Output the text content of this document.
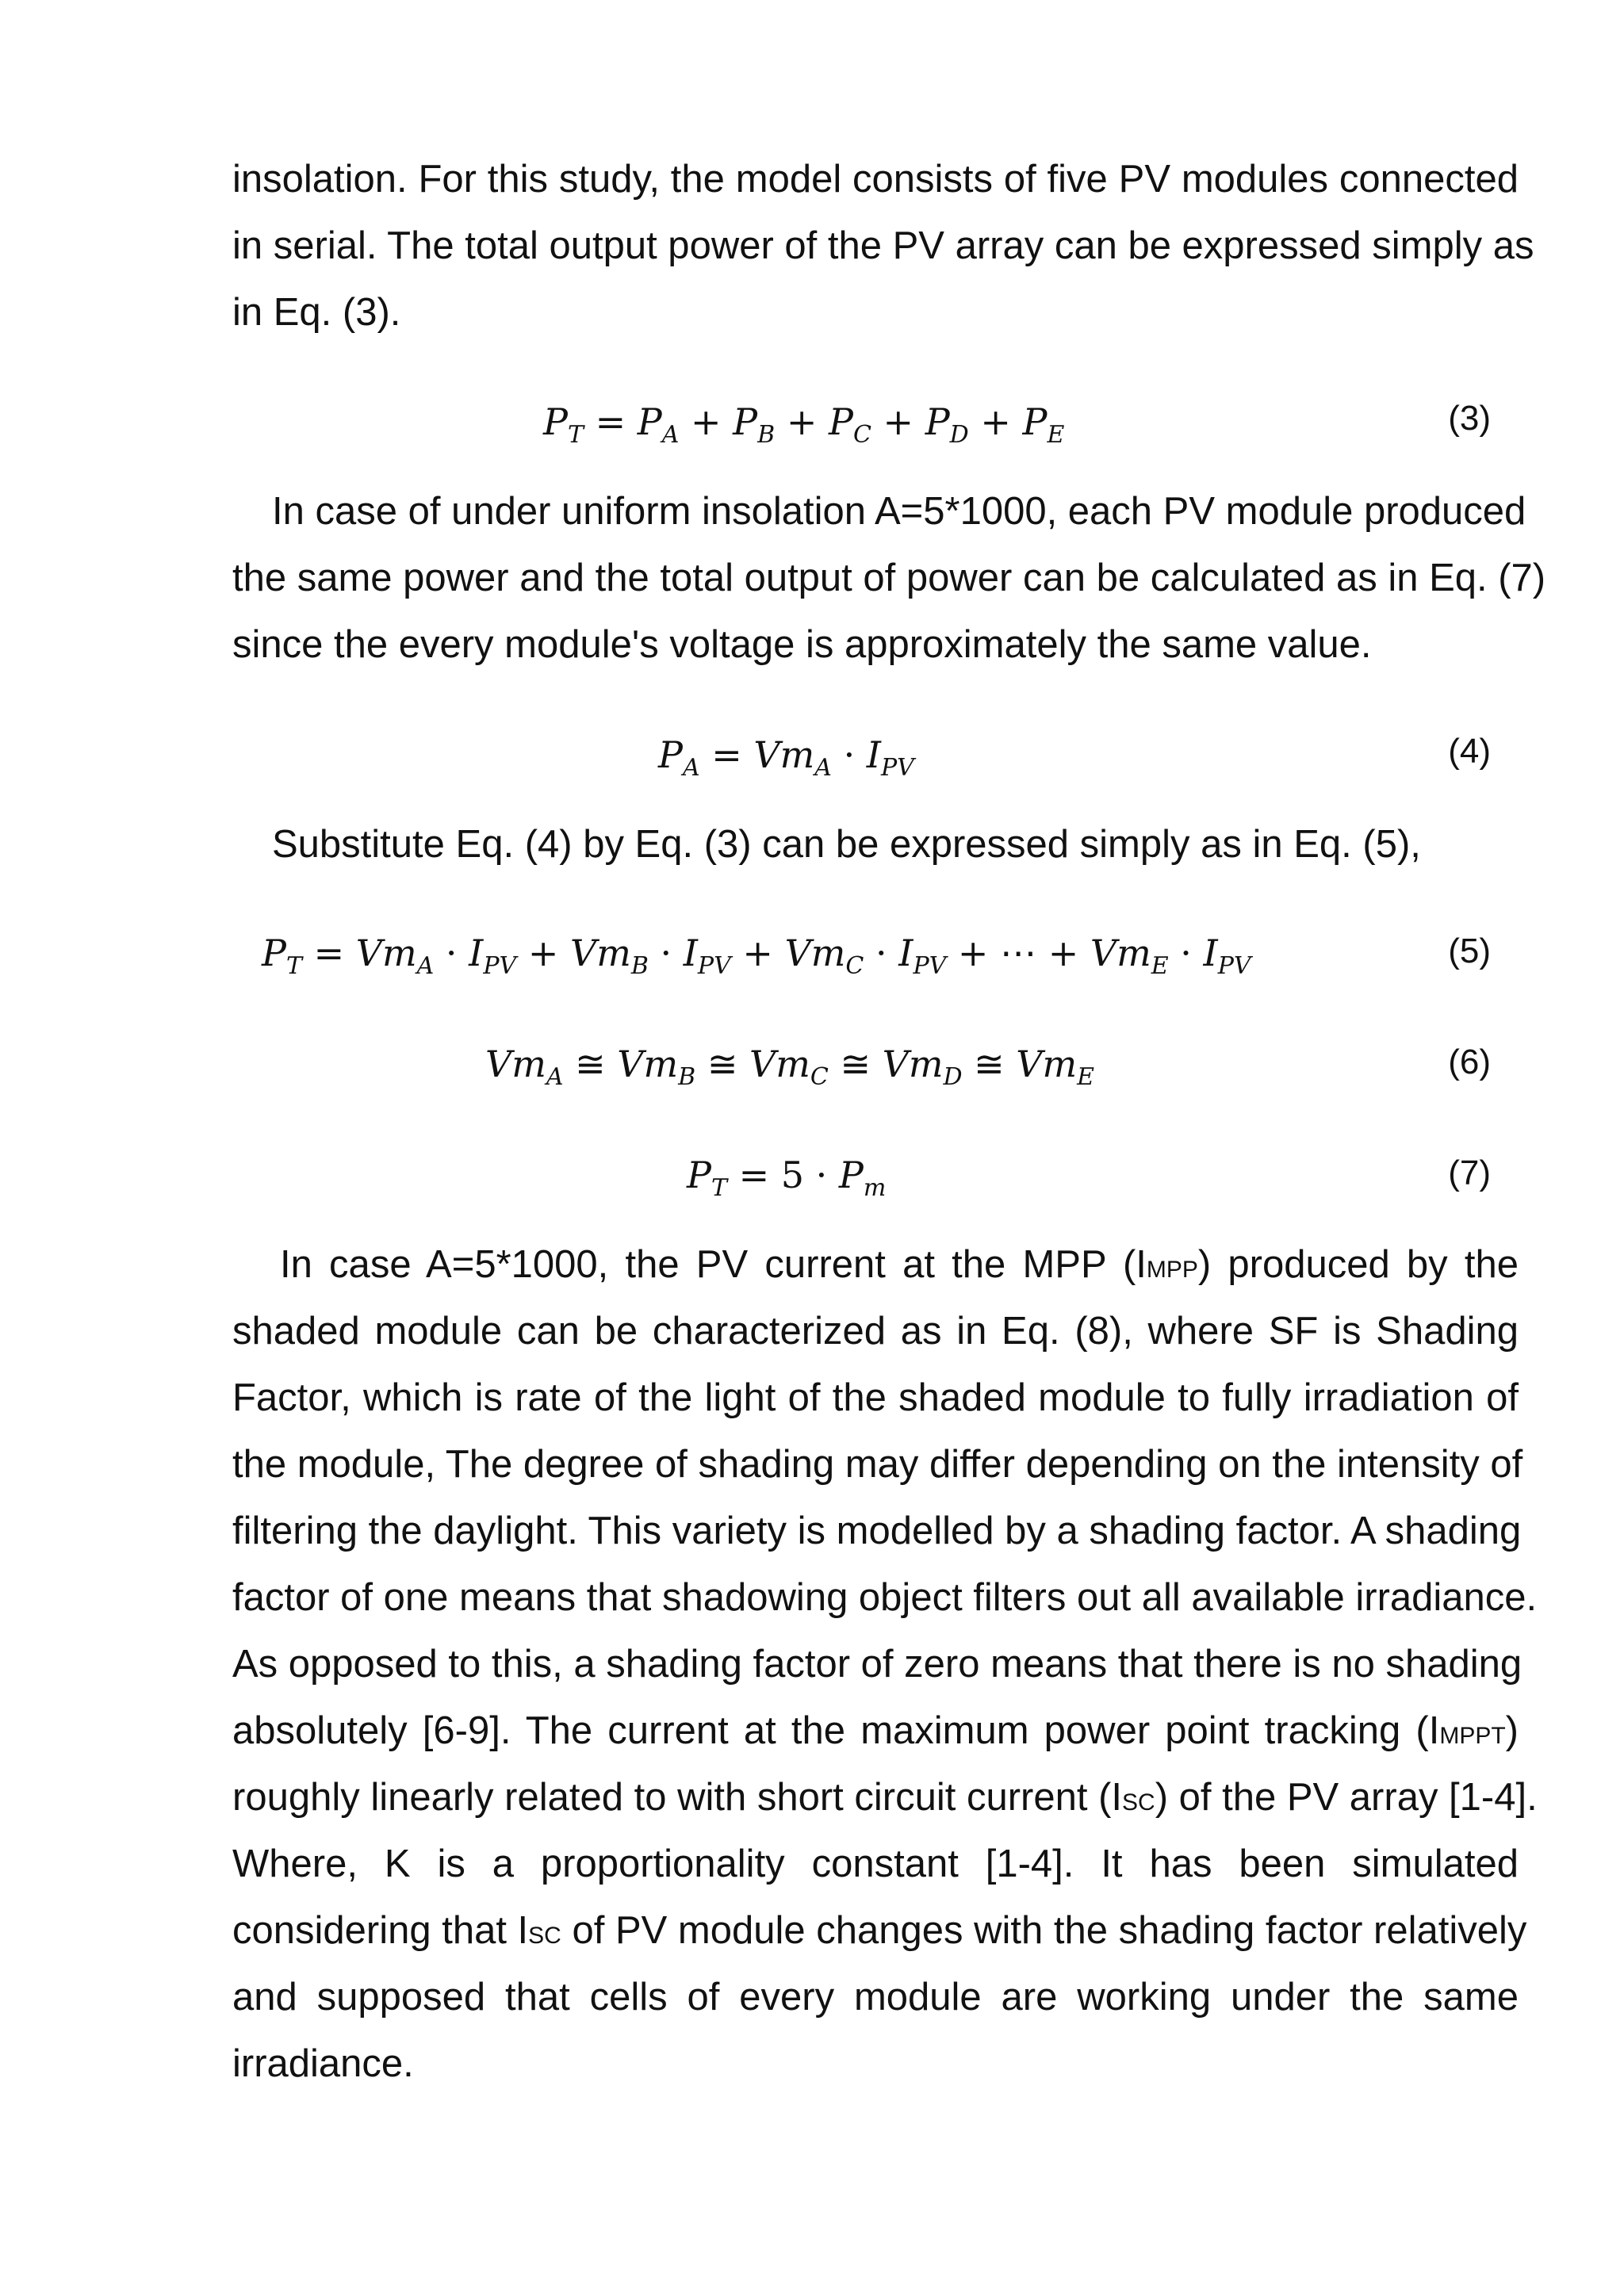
insolation. For this study, the model consists of five PV modules connected
in serial. The total output power of the PV array can be expressed simply as
in Eq. (3).
$P_T = P_A + P_B + P_C + P_D + P_E$	(3)
In case of under uniform insolation A=5*1000, each PV module produced
the same power and the total output of power can be calculated as in Eq. (7)
since the every module's voltage is approximately the same value.
$P_A = Vm_A \cdot I_{PV}$	(4)
Substitute Eq. (4) by Eq. (3) can be expressed simply as in Eq. (5),
$P_T = Vm_A \cdot I_{PV} + Vm_B \cdot I_{PV} + Vm_C \cdot I_{PV}$ + ⋯ + $Vm_E \cdot I_{PV}$	(5)
$Vm_A$ ≅ $Vm_B$ ≅ $Vm_C$ ≅ $Vm_D$ ≅ $Vm_E$	(6)
$P_T = 5 \cdot P_m$	(7)
In case A=5*1000, the PV current at the MPP (IMPP) produced by the
shaded module can be characterized as in Eq. (8), where SF is Shading
Factor, which is rate of the light of the shaded module to fully irradiation of
the module, The degree of shading may differ depending on the intensity of
filtering the daylight. This variety is modelled by a shading factor. A shading
factor of one means that shadowing object filters out all available irradiance.
As opposed to this, a shading factor of zero means that there is no shading
absolutely [6-9]. The current at the maximum power point tracking (IMPPT)
roughly linearly related to with short circuit current (ISC) of the PV array [1-4].
Where, K is a proportionality constant [1-4]. It has been simulated
considering that ISC of PV module changes with the shading factor relatively
and supposed that cells of every module are working under the same
irradiance.
